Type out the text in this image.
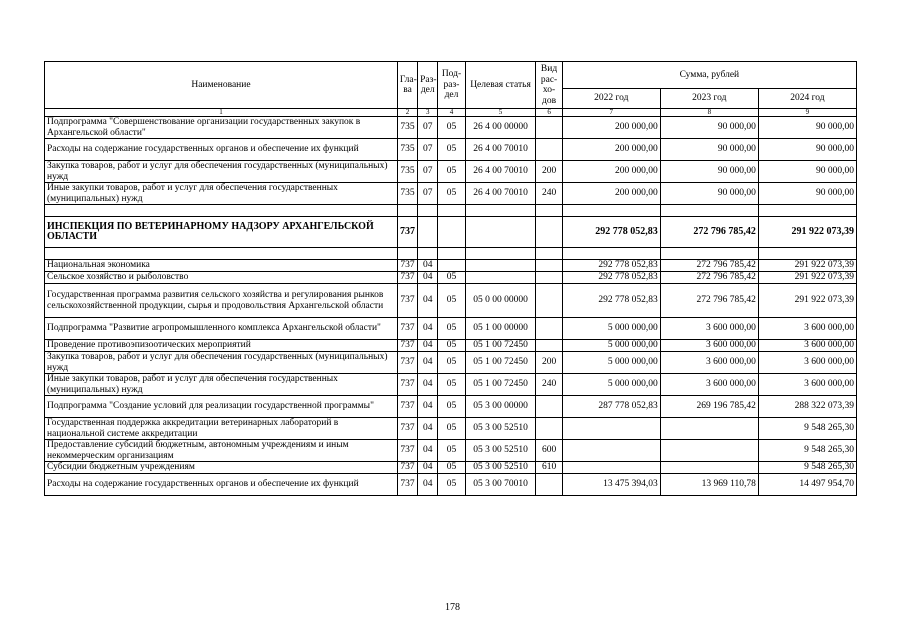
Наименование	Гла-ва	Раз-дел	Под-раз-дел	Целевая статья	Вид рас-хо-дов	Сумма, рублей		
						2022 год	2023 год	2024 год
1	2	3	4	5	6	7	8	9
Подпрограмма "Совершенствование организации государственных закупок в Архангельской области"	735	07	05	26 4 00 00000		200 000,00	90 000,00	90 000,00
Расходы на содержание государственных органов и обеспечение их функций	735	07	05	26 4 00 70010		200 000,00	90 000,00	90 000,00
Закупка товаров, работ и услуг для обеспечения государственных (муниципальных) нужд	735	07	05	26 4 00 70010	200	200 000,00	90 000,00	90 000,00
Иные закупки товаров, работ и услуг для обеспечения государственных (муниципальных) нужд	735	07	05	26 4 00 70010	240	200 000,00	90 000,00	90 000,00

ИНСПЕКЦИЯ ПО ВЕТЕРИНАРНОМУ НАДЗОРУ АРХАНГЕЛЬСКОЙ ОБЛАСТИ	737					292 778 052,83	272 796 785,42	291 922 073,39

Национальная экономика	737	04				292 778 052,83	272 796 785,42	291 922 073,39
Сельское хозяйство и рыболовство	737	04	05			292 778 052,83	272 796 785,42	291 922 073,39
Государственная программа развития сельского хозяйства и регулирования рынков сельскохозяйственной продукции, сырья и продовольствия Архангельской области	737	04	05	05 0 00 00000		292 778 052,83	272 796 785,42	291 922 073,39
Подпрограмма "Развитие агропромышленного комплекса Архангельской области"	737	04	05	05 1 00 00000		5 000 000,00	3 600 000,00	3 600 000,00
Проведение противоэпизоотических мероприятий	737	04	05	05 1 00 72450		5 000 000,00	3 600 000,00	3 600 000,00
Закупка товаров, работ и услуг для обеспечения государственных (муниципальных) нужд	737	04	05	05 1 00 72450	200	5 000 000,00	3 600 000,00	3 600 000,00
Иные закупки товаров, работ и услуг для обеспечения государственных (муниципальных) нужд	737	04	05	05 1 00 72450	240	5 000 000,00	3 600 000,00	3 600 000,00
Подпрограмма "Создание условий для реализации государственной программы"	737	04	05	05 3 00 00000		287 778 052,83	269 196 785,42	288 322 073,39
Государственная поддержка аккредитации ветеринарных лабораторий в национальной системе аккредитации	737	04	05	05 3 00 52510				9 548 265,30
Предоставление субсидий бюджетным, автономным учреждениям и иным некоммерческим организациям	737	04	05	05 3 00 52510	600			9 548 265,30
Субсидии бюджетным учреждениям	737	04	05	05 3 00 52510	610			9 548 265,30
Расходы на содержание государственных органов и обеспечение их функций	737	04	05	05 3 00 70010		13 475 394,03	13 969 110,78	14 497 954,70
178
